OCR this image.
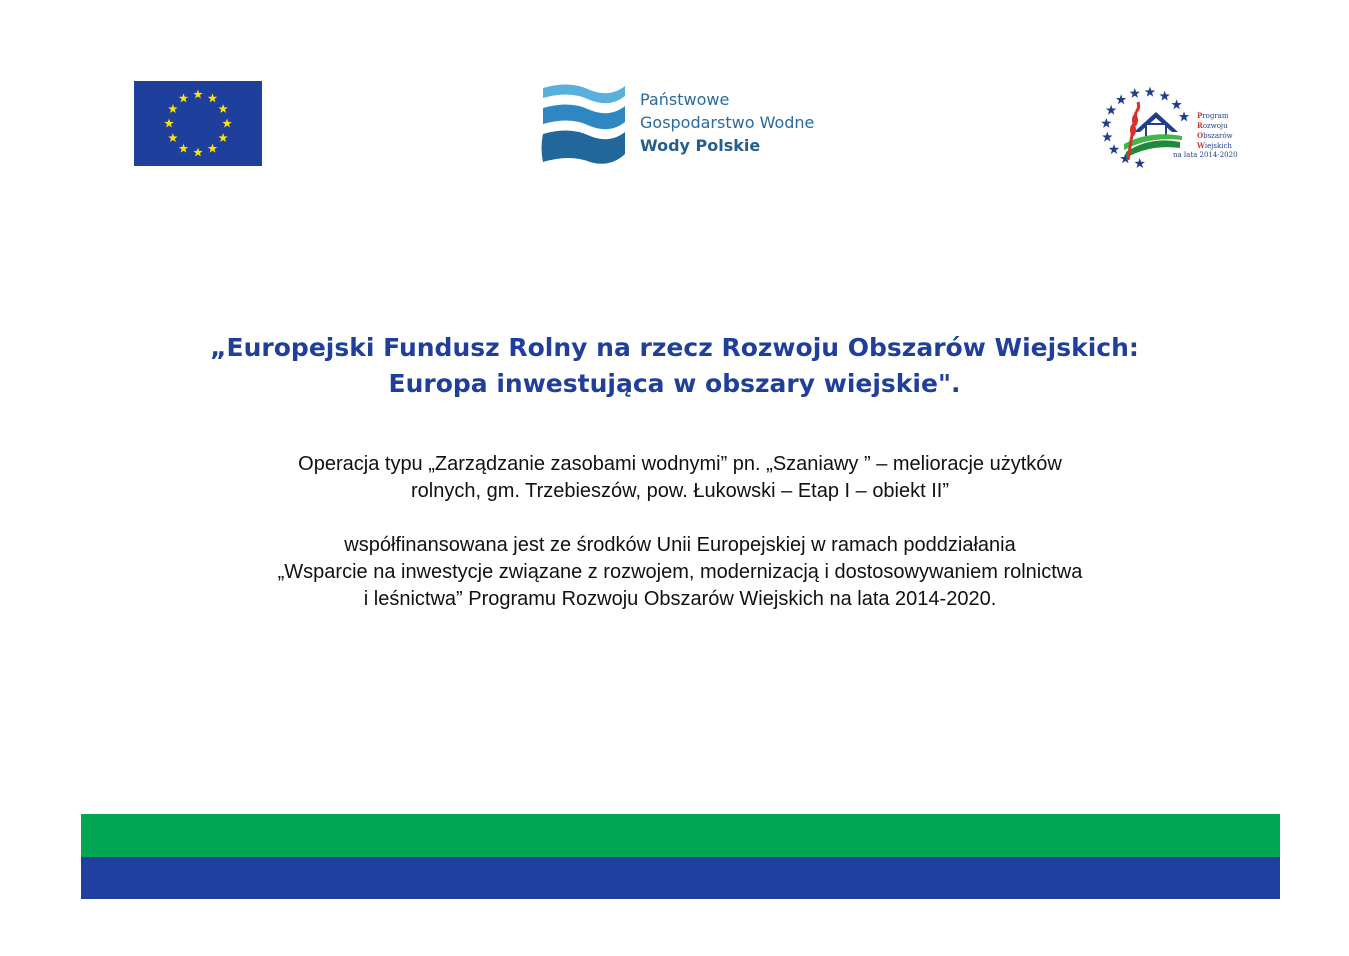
Państwowe
Gospodarstwo Wodne
Wody Polskie
Program
Rozwoju
Obszarów
Wiejskich
na lata 2014-2020
„Europejski Fundusz Rolny na rzecz Rozwoju Obszarów Wiejskich:
Europa inwestująca w obszary wiejskie".

Operacja typu „Zarządzanie zasobami wodnymi” pn. „Szaniawy ” – melioracje użytków
rolnych, gm. Trzebieszów, pow. Łukowski – Etap I – obiekt II”

współfinansowana jest ze środków Unii Europejskiej w ramach poddziałania
„Wsparcie na inwestycje związane z rozwojem, modernizacją i dostosowywaniem rolnictwa
i leśnictwa” Programu Rozwoju Obszarów Wiejskich na lata 2014-2020.
